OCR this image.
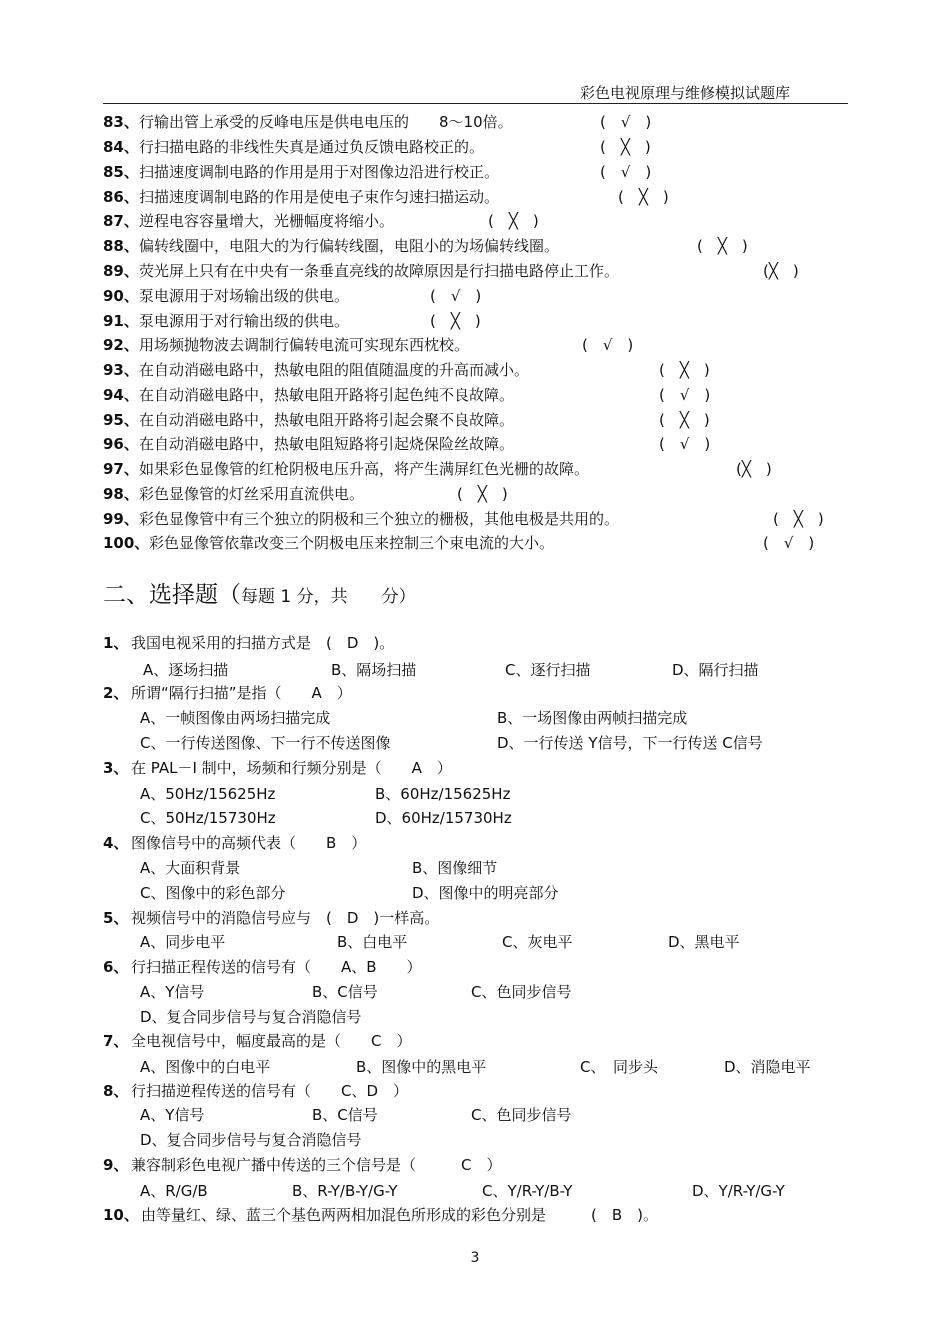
彩色电视原理与维修模拟试题库
83、行输出管上承受的反峰电压是供电电压的　　8～10倍。	(　√　)
84、行扫描电路的非线性失真是通过负反馈电路校正的。	(　╳　)
85、扫描速度调制电路的作用是用于对图像边沿进行校正。	(　√　)
86、扫描速度调制电路的作用是使电子束作匀速扫描运动。	(　╳　)
87、逆程电容容量增大，光栅幅度将缩小。	(　╳　)
88、偏转线圈中，电阻大的为行偏转线圈，电阻小的为场偏转线圈。	(　╳　)
89、荧光屏上只有在中央有一条垂直亮线的故障原因是行扫描电路停止工作。	(╳　)
90、泵电源用于对场输出级的供电。	(　√　)
91、泵电源用于对行输出级的供电。	(　╳　)
92、用场频抛物波去调制行偏转电流可实现东西枕校。	(　√　)
93、在自动消磁电路中，热敏电阻的阻值随温度的升高而减小。	(　╳　)
94、在自动消磁电路中，热敏电阻开路将引起色纯不良故障。	(　√　)
95、在自动消磁电路中，热敏电阻开路将引起会聚不良故障。	(　╳　)
96、在自动消磁电路中，热敏电阻短路将引起烧保险丝故障。	(　√　)
97、如果彩色显像管的红枪阴极电压升高，将产生满屏红色光栅的故障。	(╳　)
98、彩色显像管的灯丝采用直流供电。	(　╳　)
99、彩色显像管中有三个独立的阴极和三个独立的栅极，其他电极是共用的。	(　╳　)
100、彩色显像管依靠改变三个阴极电压来控制三个束电流的大小。	(　√　)
二、选择题（每题 1 分，共　　分）
1、 我国电视采用的扫描方式是　(　D　)。
A、逐场扫描	B、隔场扫描	C、逐行扫描	D、隔行扫描
2、 所谓“隔行扫描”是指（　　A　）
A、一帧图像由两场扫描完成	B、一场图像由两帧扫描完成
C、一行传送图像、下一行不传送图像	D、一行传送 Y信号，下一行传送 C信号
3、 在 PAL－I 制中，场频和行频分别是（　　A　）
A、50Hz/15625Hz	B、60Hz/15625Hz
C、50Hz/15730Hz	D、60Hz/15730Hz
4、 图像信号中的高频代表（　　B　）
A、大面积背景	B、图像细节
C、图像中的彩色部分	D、图像中的明亮部分
5、 视频信号中的消隐信号应与　(　D　)一样高。
A、同步电平	B、白电平	C、灰电平	D、黑电平
6、 行扫描正程传送的信号有（　　A、B　　）
A、Y信号	B、C信号	C、色同步信号
D、复合同步信号与复合消隐信号
7、 全电视信号中，幅度最高的是（　　C　）
A、图像中的白电平	B、图像中的黑电平	C、　同步头	D、消隐电平
8、 行扫描逆程传送的信号有（　　C、D　）
A、Y信号	B、C信号	C、色同步信号
D、复合同步信号与复合消隐信号
9、 兼容制彩色电视广播中传送的三个信号是（　　　C　）
A、R/G/B	B、R-Y/B-Y/G-Y	C、Y/R-Y/B-Y	D、Y/R-Y/G-Y
10、 由等量红、绿、蓝三个基色两两相加混色所形成的彩色分别是　　　(　B　)。
3
